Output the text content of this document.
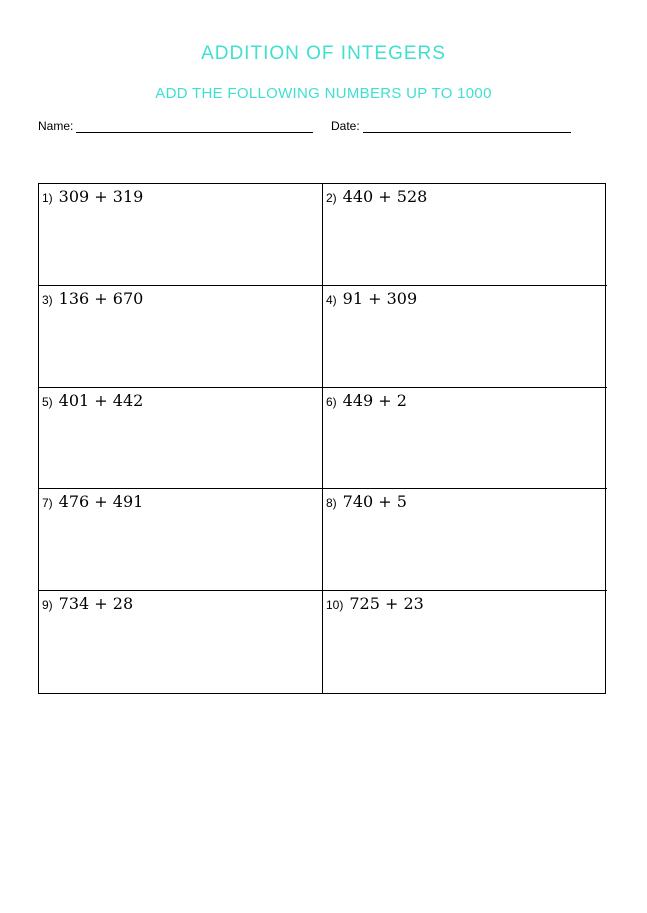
ADDITION OF INTEGERS
ADD THE FOLLOWING NUMBERS UP TO 1000
Name:	Date:
1) 309 + 319	2) 440 + 528
3) 136 + 670	4) 91 + 309
5) 401 + 442	6) 449 + 2
7) 476 + 491	8) 740 + 5
9) 734 + 28	10) 725 + 23
